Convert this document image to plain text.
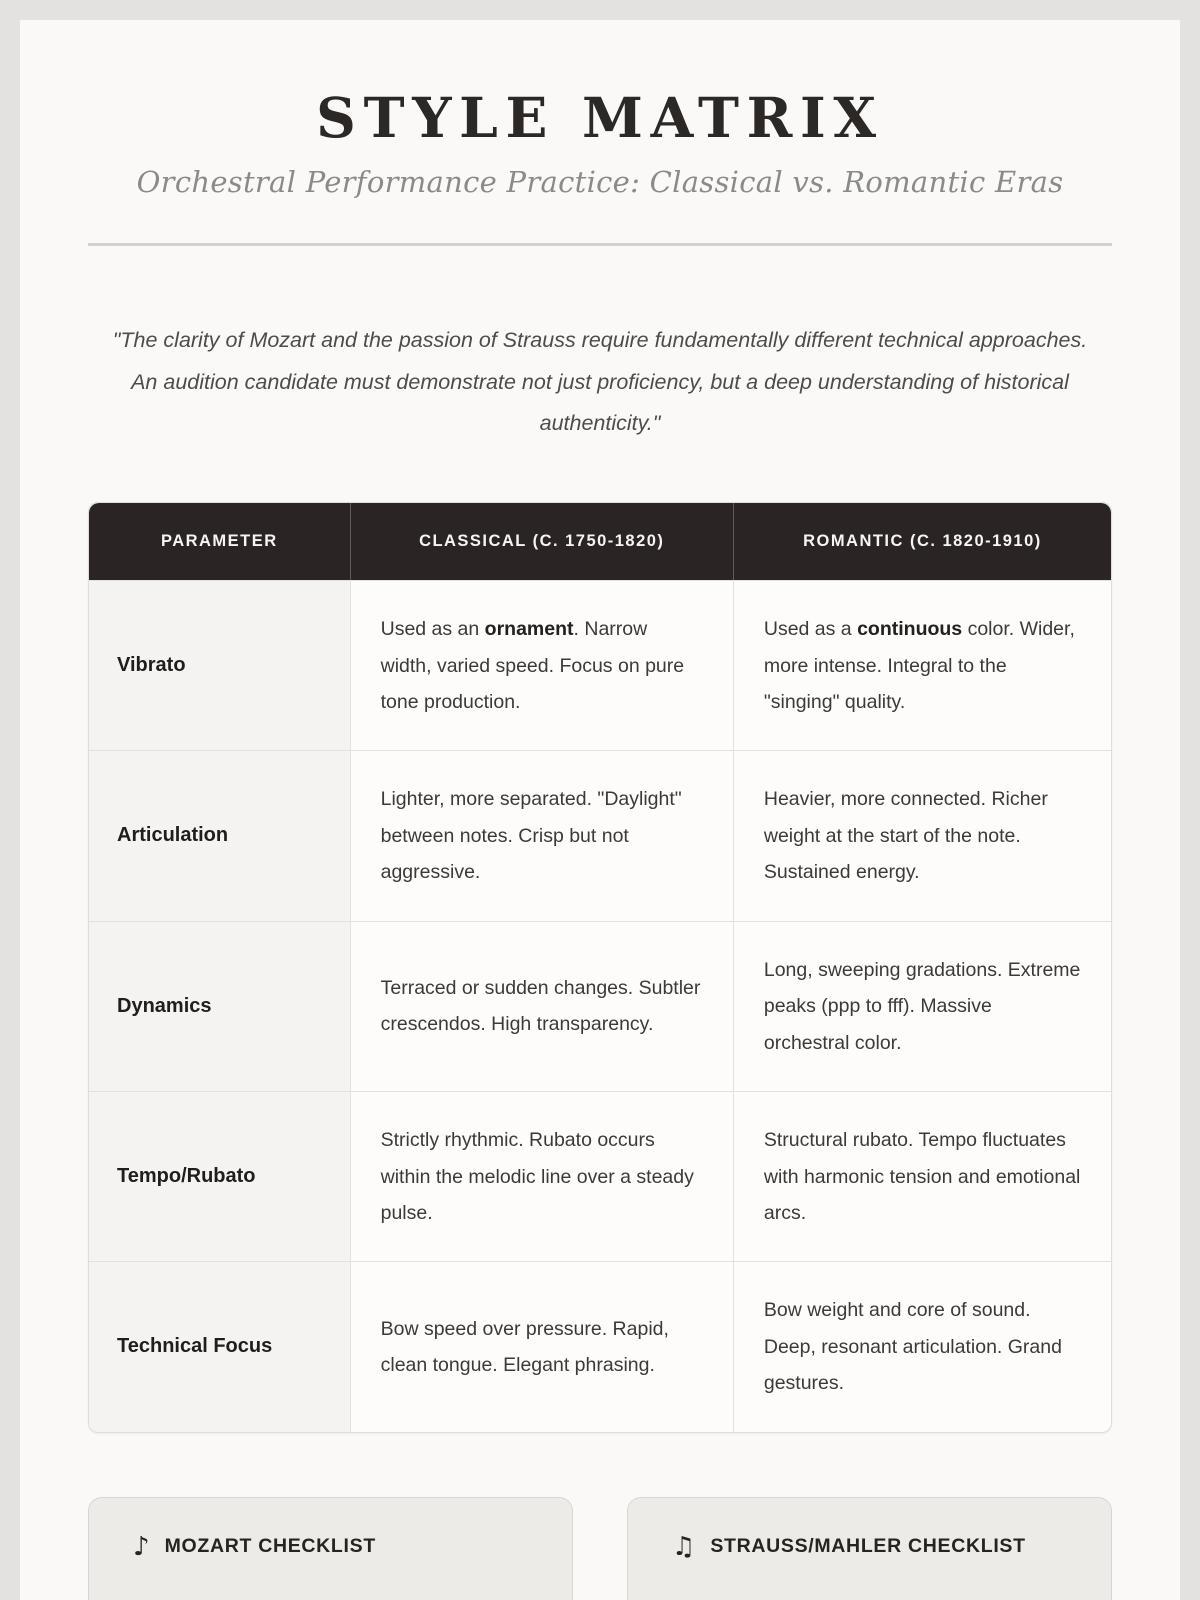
STYLE MATRIX
Orchestral Performance Practice: Classical vs. Romantic Eras
"The clarity of Mozart and the passion of Strauss require fundamentally different technical approaches. An audition candidate must demonstrate not just proficiency, but a deep understanding of historical authenticity."
PARAMETER	CLASSICAL (C. 1750-1820)	ROMANTIC (C. 1820-1910)
Vibrato	Used as an ornament. Narrow width, varied speed. Focus on pure tone production.	Used as a continuous color. Wider, more intense. Integral to the "singing" quality.
Articulation	Lighter, more separated. "Daylight" between notes. Crisp but not aggressive.	Heavier, more connected. Richer weight at the start of the note. Sustained energy.
Dynamics	Terraced or sudden changes. Subtler crescendos. High transparency.	Long, sweeping gradations. Extreme peaks (ppp to fff). Massive orchestral color.
Tempo/Rubato	Strictly rhythmic. Rubato occurs within the melodic line over a steady pulse.	Structural rubato. Tempo fluctuates with harmonic tension and emotional arcs.
Technical Focus	Bow speed over pressure. Rapid, clean tongue. Elegant phrasing.	Bow weight and core of sound. Deep, resonant articulation. Grand gestures.
♪ MOZART CHECKLIST	♫ STRAUSS/MAHLER CHECKLIST
